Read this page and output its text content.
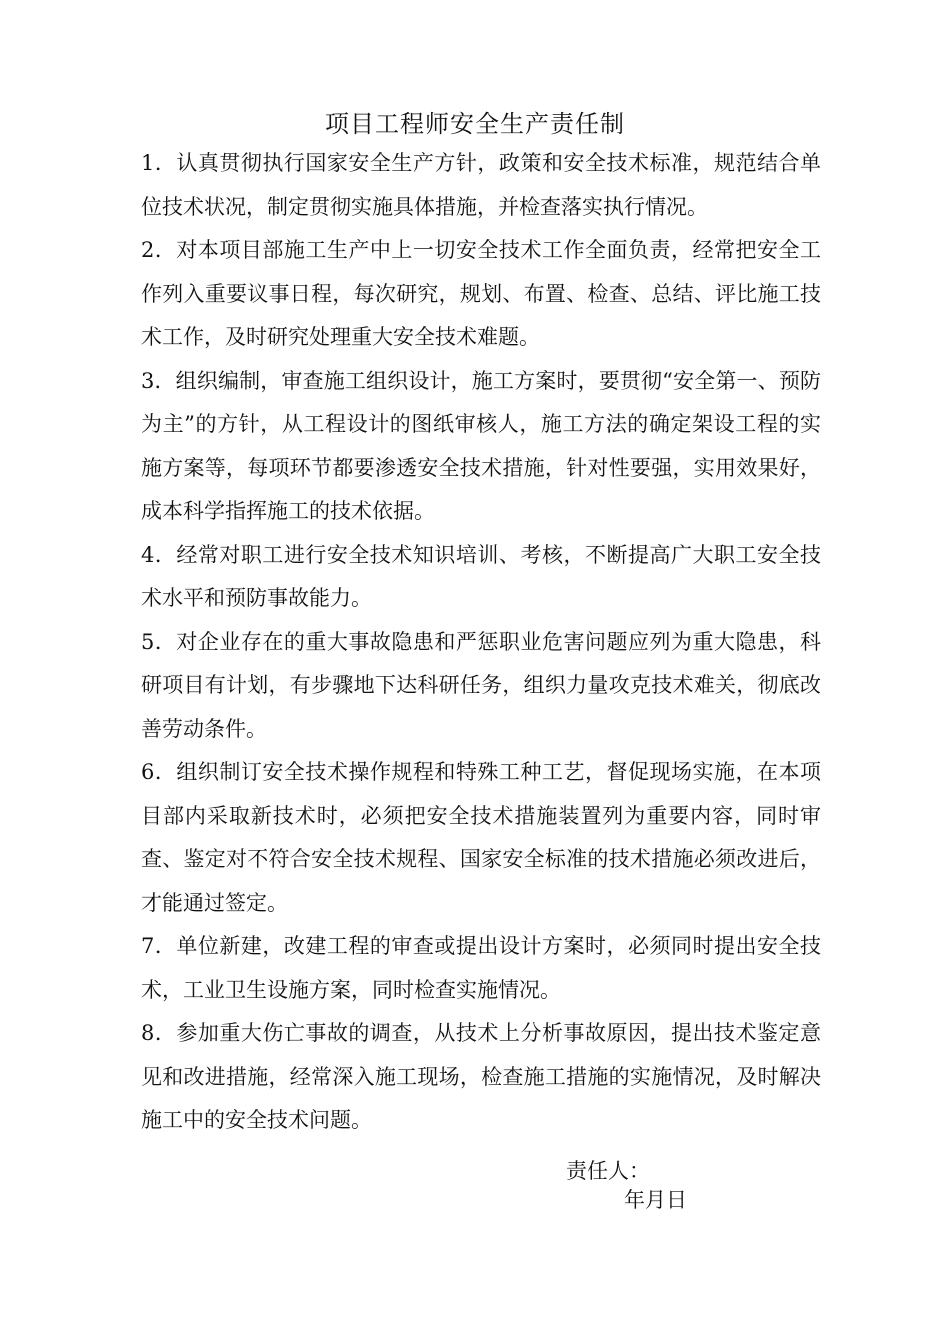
项目工程师安全生产责任制

1．认真贯彻执行国家安全生产方针，政策和安全技术标准，规范结合单位技术状况，制定贯彻实施具体措施，并检查落实执行情况。

2．对本项目部施工生产中上一切安全技术工作全面负责，经常把安全工作列入重要议事日程，每次研究，规划、布置、检查、总结、评比施工技术工作，及时研究处理重大安全技术难题。

3．组织编制，审查施工组织设计，施工方案时，要贯彻“安全第一、预防为主”的方针，从工程设计的图纸审核人，施工方法的确定架设工程的实施方案等，每项环节都要渗透安全技术措施，针对性要强，实用效果好，成本科学指挥施工的技术依据。

4．经常对职工进行安全技术知识培训、考核，不断提高广大职工安全技术水平和预防事故能力。

5．对企业存在的重大事故隐患和严惩职业危害问题应列为重大隐患，科研项目有计划，有步骤地下达科研任务，组织力量攻克技术难关，彻底改善劳动条件。

6．组织制订安全技术操作规程和特殊工种工艺，督促现场实施，在本项目部内采取新技术时，必须把安全技术措施装置列为重要内容，同时审查、鉴定对不符合安全技术规程、国家安全标准的技术措施必须改进后，才能通过签定。

7．单位新建，改建工程的审查或提出设计方案时，必须同时提出安全技术，工业卫生设施方案，同时检查实施情况。

8．参加重大伤亡事故的调查，从技术上分析事故原因，提出技术鉴定意见和改进措施，经常深入施工现场，检查施工措施的实施情况，及时解决施工中的安全技术问题。

责任人：
年月日
